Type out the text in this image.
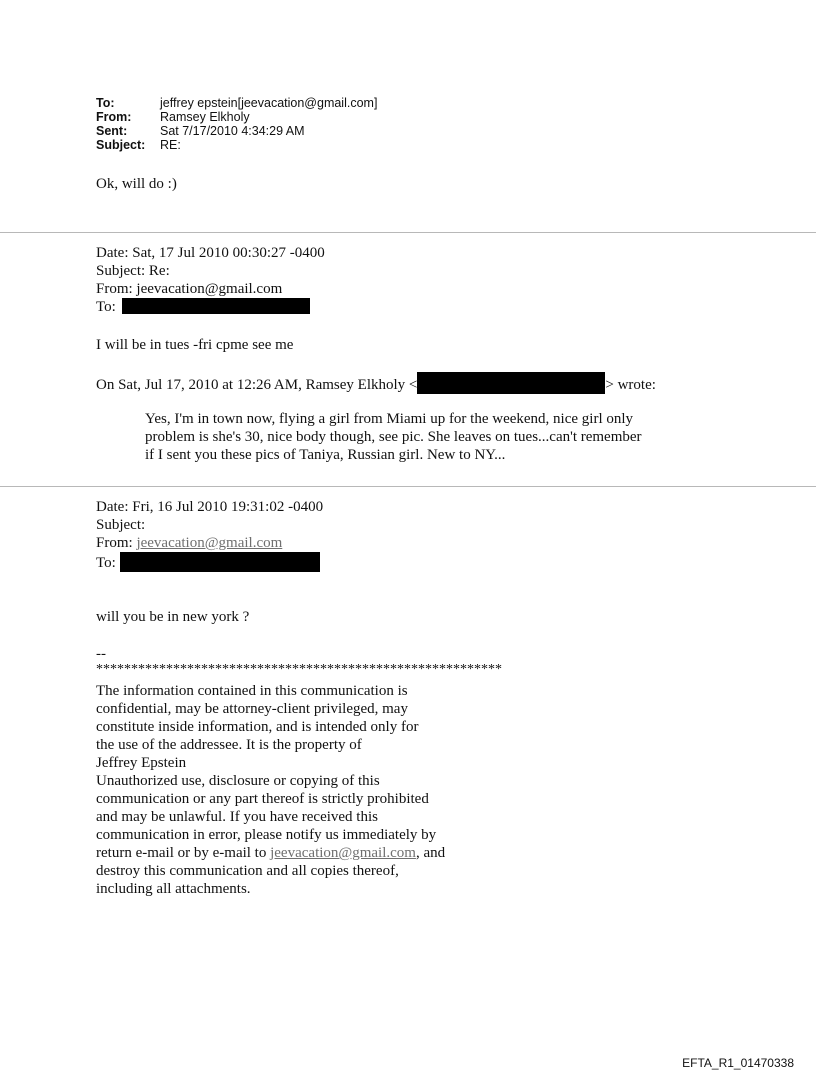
To:	jeffrey epstein[jeevacation@gmail.com]
From:	Ramsey Elkholy
Sent:	Sat 7/17/2010 4:34:29 AM
Subject:	RE:
Ok, will do :)
Date: Sat, 17 Jul 2010 00:30:27 -0400
Subject: Re:
From: jeevacation@gmail.com
To:
I will be in tues -fri cpme see me
On Sat, Jul 17, 2010 at 12:26 AM, Ramsey Elkholy <	> wrote:
Yes, I'm in town now, flying a girl from Miami up for the weekend, nice girl only
problem is she's 30, nice body though, see pic. She leaves on tues...can't remember
if I sent you these pics of Taniya, Russian girl. New to NY...
Date: Fri, 16 Jul 2010 19:31:02 -0400
Subject:
From: jeevacation@gmail.com
To:
will you be in new york ?
--
**********************************************************
The information contained in this communication is
confidential, may be attorney-client privileged, may
constitute inside information, and is intended only for
the use of the addressee. It is the property of
Jeffrey Epstein
Unauthorized use, disclosure or copying of this
communication or any part thereof is strictly prohibited
and may be unlawful. If you have received this
communication in error, please notify us immediately by
return e-mail or by e-mail to jeevacation@gmail.com, and
destroy this communication and all copies thereof,
including all attachments.
EFTA_R1_01470338
